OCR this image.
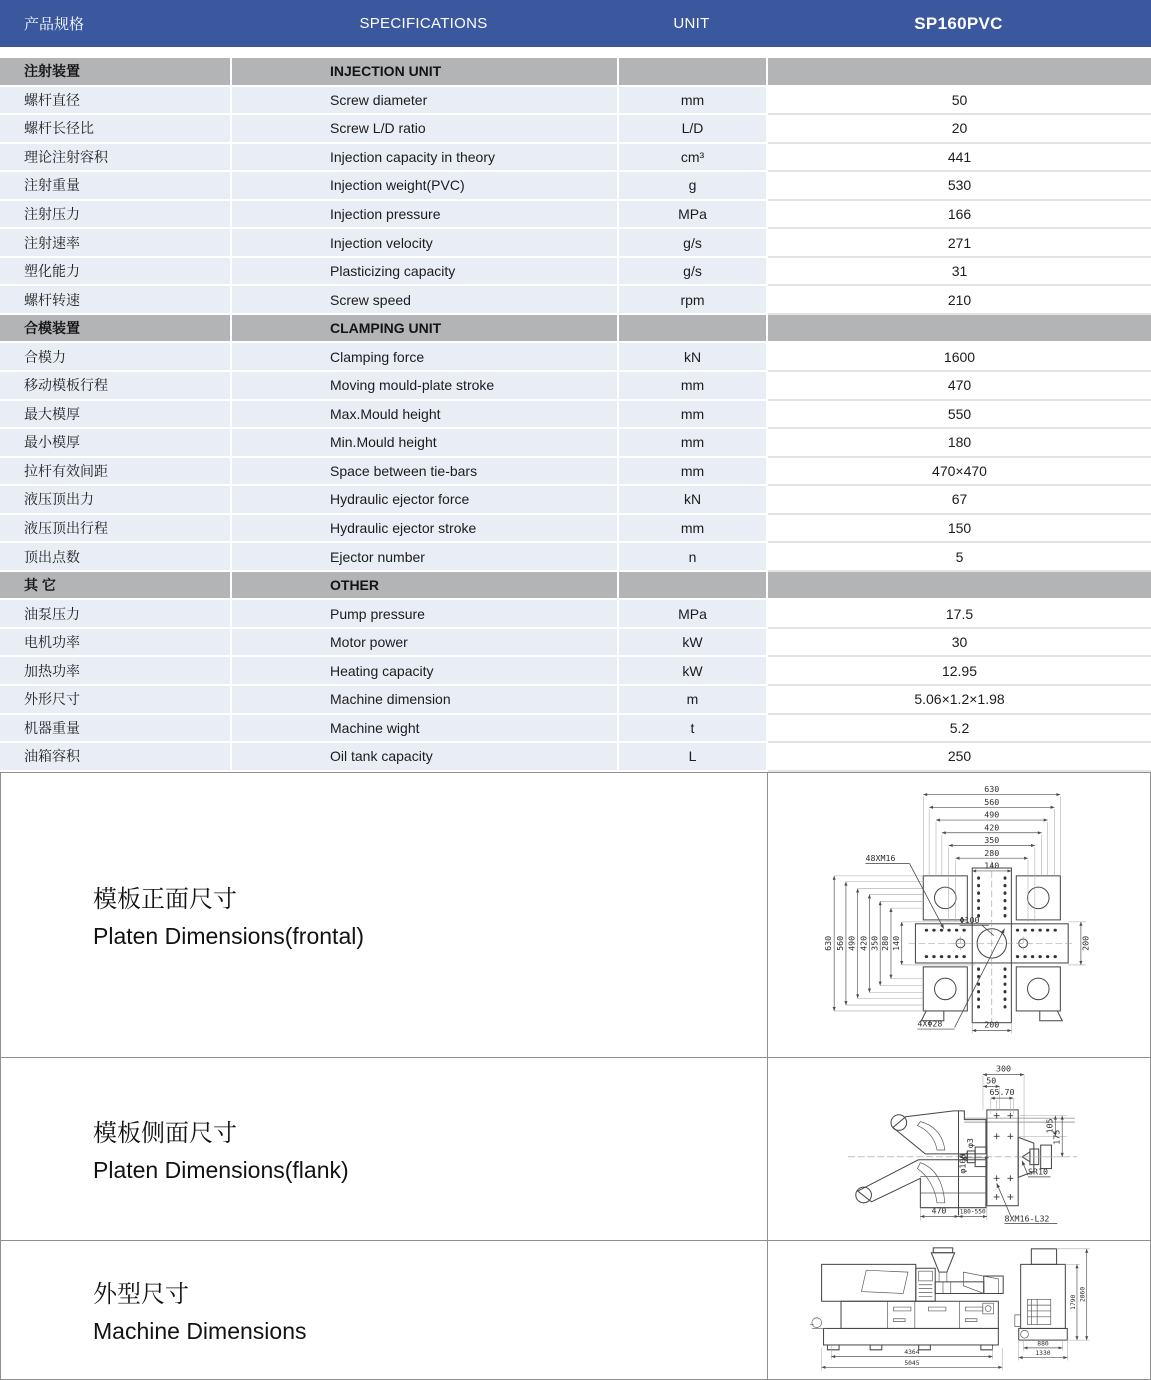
产品规格	SPECIFICATIONS	UNIT	SP160PVC
注射装置	INJECTION UNIT
螺杆直径	Screw diameter	mm	50
螺杆长径比	Screw L/D ratio	L/D	20
理论注射容积	Injection capacity in theory	cm³	441
注射重量	Injection weight(PVC)	g	530
注射压力	Injection pressure	MPa	166
注射速率	Injection velocity	g/s	271
塑化能力	Plasticizing capacity	g/s	31
螺杆转速	Screw speed	rpm	210
合模装置	CLAMPING UNIT
合模力	Clamping force	kN	1600
移动模板行程	Moving mould-plate stroke	mm	470
最大模厚	Max.Mould height	mm	550
最小模厚	Min.Mould height	mm	180
拉杆有效间距	Space between tie-bars	mm	470×470
液压顶出力	Hydraulic ejector force	kN	67
液压顶出行程	Hydraulic ejector stroke	mm	150
顶出点数	Ejector number	n	5
其 它	OTHER
油泵压力	Pump pressure	MPa	17.5
电机功率	Motor power	kW	30
加热功率	Heating capacity	kW	12.95
外形尺寸	Machine dimension	m	5.06×1.2×1.98
机器重量	Machine wight	t	5.2
油箱容积	Oil tank capacity	L	250
模板正面尺寸
Platen Dimensions(frontal)
630
560
490
420
350
280
140
630 560 490 420 350 280 140	200
200
48XM16
Φ100
4XΦ28
模板侧面尺寸
Platen Dimensions(flank)
300
50
65.70
105
175
φ3
φ100
470 180-550
SR10
8XM16-L32
外型尺寸
Machine Dimensions
4364
5045
880
1330
1790
2060
